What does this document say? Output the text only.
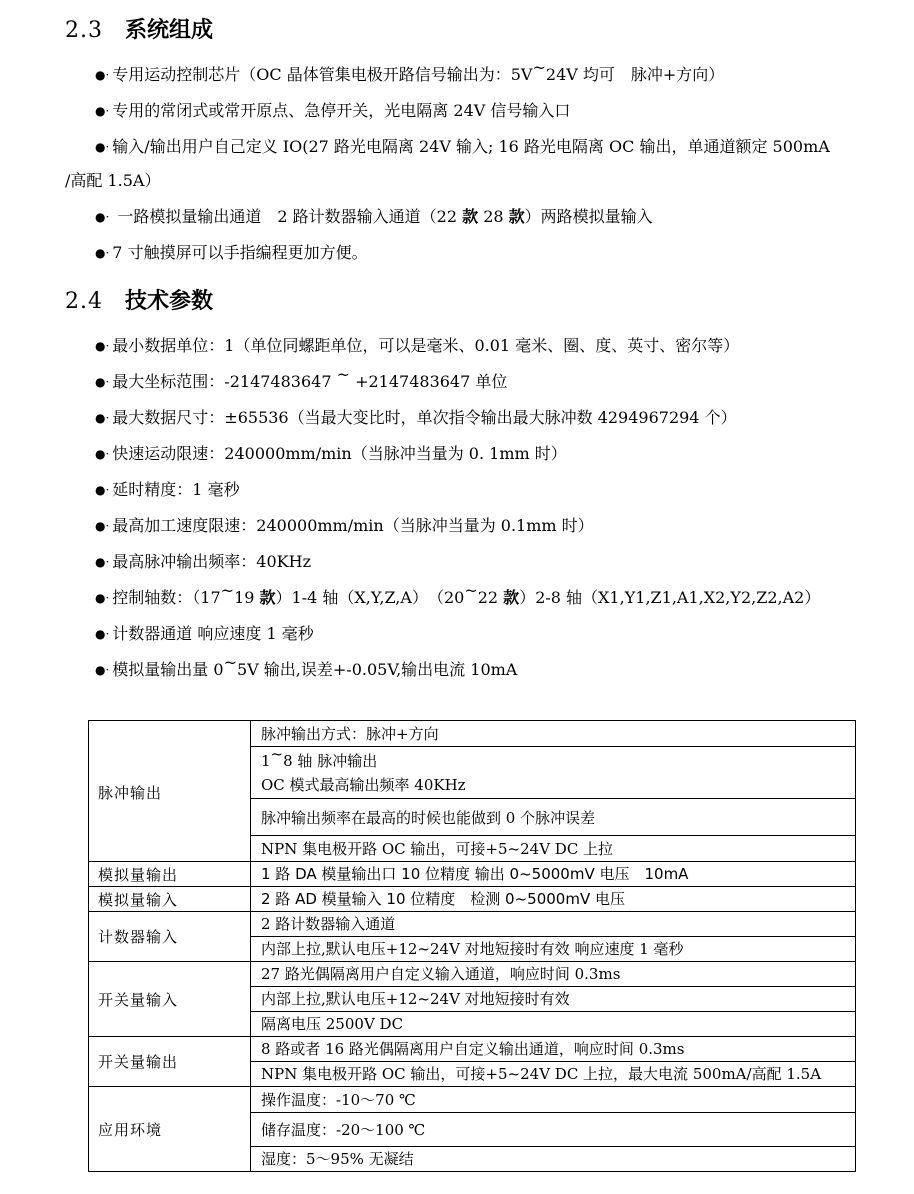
2.3 系统组成
●· 专用运动控制芯片（OC 晶体管集电极开路信号输出为：5V~24V 均可　脉冲+方向）
●· 专用的常闭式或常开原点、急停开关，光电隔离 24V 信号输入口
●· 输入/输出用户自己定义 IO(27 路光电隔离 24V 输入; 16 路光电隔离 OC 输出，单通道额定 500mA
/高配 1.5A）
●· 一路模拟量输出通道　2 路计数器输入通道（22 款 28 款）两路模拟量输入
●· 7 寸触摸屏可以手指编程更加方便。
2.4 技术参数
●· 最小数据单位：1（单位同螺距单位，可以是毫米、0.01 毫米、圈、度、英寸、密尔等）
●· 最大坐标范围：-2147483647 ~ +2147483647 单位
●· 最大数据尺寸：±65536（当最大变比时，单次指令输出最大脉冲数 4294967294 个）
●· 快速运动限速：240000mm/min（当脉冲当量为 0. 1mm 时）
●· 延时精度：1 毫秒
●· 最高加工速度限速：240000mm/min（当脉冲当量为 0.1mm 时）
●· 最高脉冲输出频率：40KHz
●· 控制轴数：（17~19 款）1-4 轴（X,Y,Z,A）　（20~22 款）2-8 轴（X1,Y1,Z1,A1,X2,Y2,Z2,A2）
●· 计数器通道 响应速度 1 毫秒
●· 模拟量输出量 0~5V 输出,误差+-0.05V,输出电流 10mA
脉冲输出	脉冲输出方式：脉冲+方向

	1~8 轴 脉冲输出
OC 模式最高输出频率 40KHz

	脉冲输出频率在最高的时候也能做到 0 个脉冲误差

	NPN 集电极开路 OC 输出，可接+5~24V DC 上拉

模拟量输出	1 路 DA 模量输出口 10 位精度 输出 0~5000mV 电压　10mA

模拟量输入	2 路 AD 模量输入 10 位精度　检测 0~5000mV 电压

计数器输入	2 路计数器输入通道

	内部上拉,默认电压+12~24V 对地短接时有效 响应速度 1 毫秒

开关量输入	27 路光偶隔离用户自定义输入通道，响应时间 0.3ms

	内部上拉,默认电压+12~24V 对地短接时有效

	隔离电压 2500V DC

开关量输出	8 路或者 16 路光偶隔离用户自定义输出通道，响应时间 0.3ms

	NPN 集电极开路 OC 输出，可接+5~24V DC 上拉，最大电流 500mA/高配 1.5A

应用环境	操作温度：-10～70 ℃

	储存温度：-20～100 ℃

	湿度：5～95% 无凝结
